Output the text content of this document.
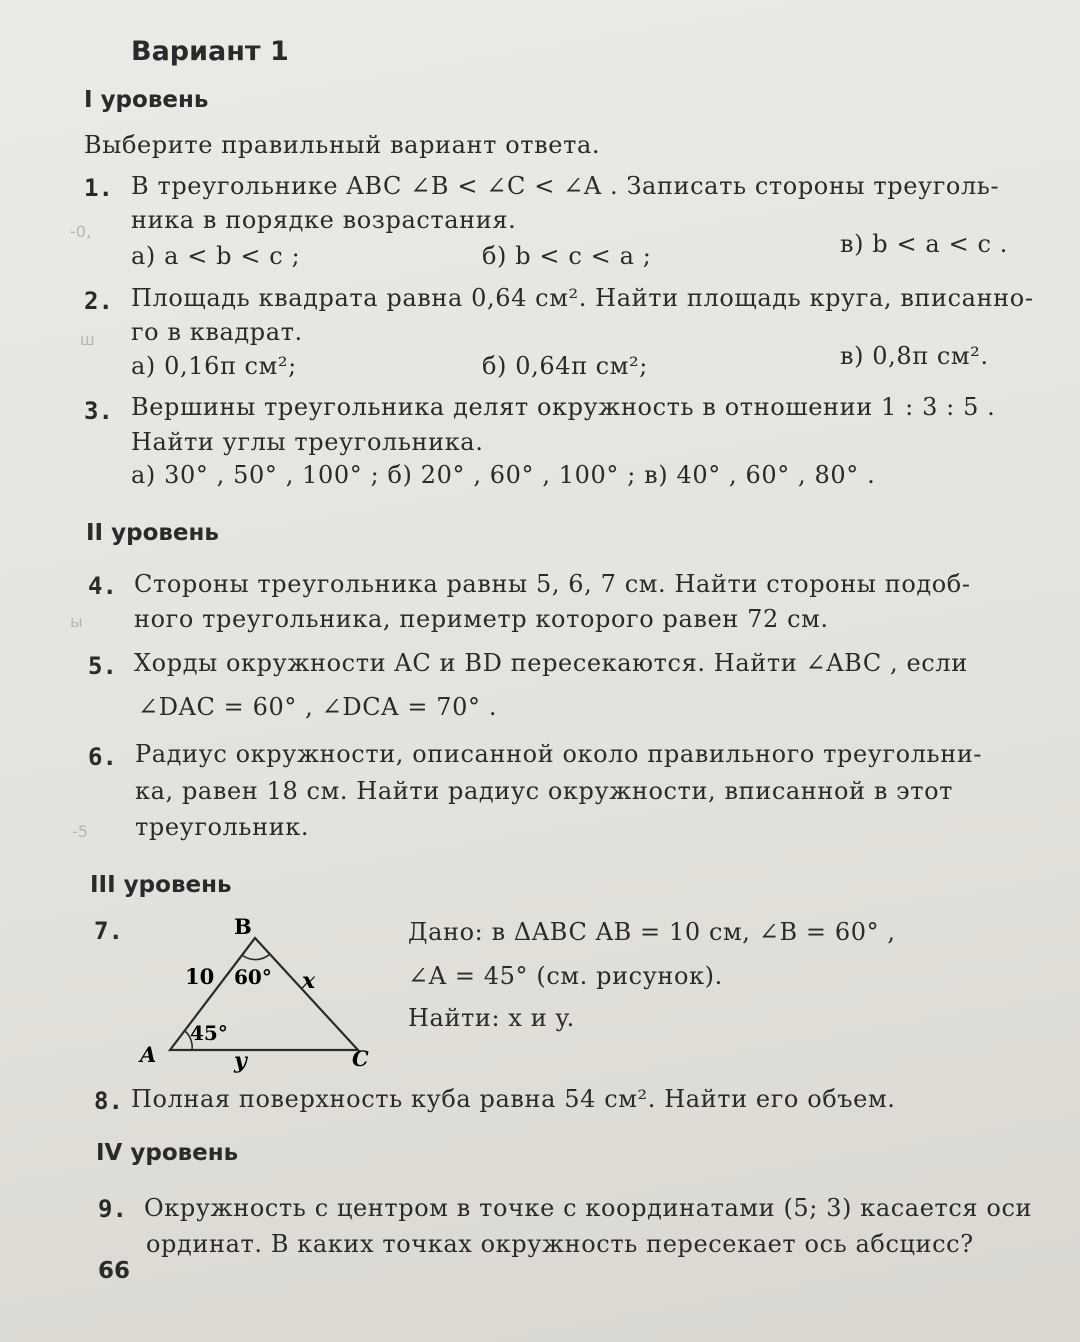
-0,
ш
ы
-5
Вариант 1
I уровень
Выберите правильный вариант ответа.
1. В треугольнике ABC ∠B < ∠C < ∠A . Записать стороны треуголь-
ника в порядке возрастания.
а) a < b < c ;	б) b < c < a ;	в) b < a < c .
2. Площадь квадрата равна 0,64 см². Найти площадь круга, вписанно-
го в квадрат.
а) 0,16π см²;	б) 0,64π см²;	в) 0,8π см².
3. Вершины треугольника делят окружность в отношении 1 : 3 : 5 .
Найти углы треугольника.
а) 30° , 50° , 100° ; б) 20° , 60° , 100° ; в) 40° , 60° , 80° .
II уровень
4. Стороны треугольника равны 5, 6, 7 см. Найти стороны подоб-
ного треугольника, периметр которого равен 72 см.
5. Хорды окружности AC и BD пересекаются. Найти ∠ABC , если
∠DAC = 60° , ∠DCA = 70° .
6. Радиус окружности, описанной около правильного треугольни-
ка, равен 18 см. Найти радиус окружности, вписанной в этот
треугольник.
III уровень
7.	B
A	C
10 60° x
45°
y
Дано: в ΔABC AB = 10 см, ∠B = 60° ,
∠A = 45° (см. рисунок).
Найти: x и y.
8. Полная поверхность куба равна 54 см². Найти его объем.
IV уровень
9. Окружность с центром в точке с координатами (5; 3) касается оси
ординат. В каких точках окружность пересекает ось абсцисс?
66
